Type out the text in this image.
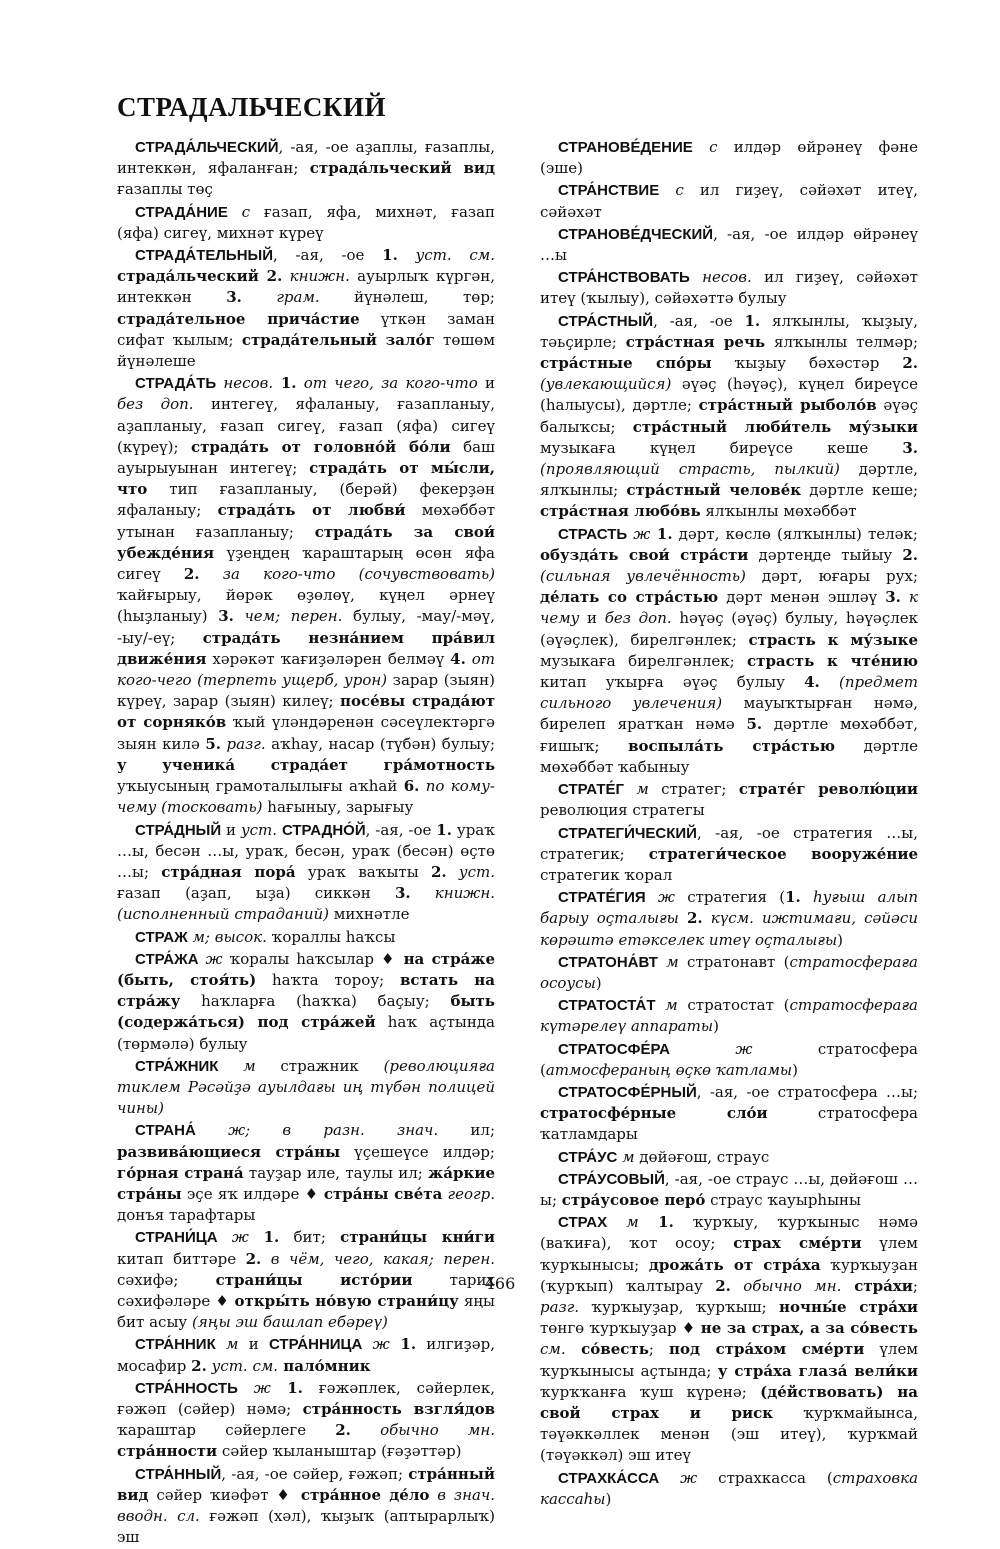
СТРАДАЛЬЧЕСКИЙ

СТРАДА́ЛЬЧЕСКИЙ, -ая, -ое аҙаплы, ғазаплы, интеккән, яфаланған; страда́льческий вид ғазаплы төҫ

СТРАДА́НИЕ с ғазап, яфа, михнәт, ғазап (яфа) сигеү, михнәт күреү

СТРАДА́ТЕЛЬНЫЙ, -ая, -ое 1. уст. см. страда́льческий 2. книжн. ауырлыҡ күргән, интеккән 3. грам. йүнәлеш, төр; страда́тельное прича́стие үткән заман сифат ҡылым; страда́тельный зало́г төшөм йүнәлеше

СТРАДА́ТЬ несов. 1. от чего, за кого-что и без доп. интегеү, яфаланыу, ғазапланыу, аҙапланыу, ғазап сигеү, ғазап (яфа) сигеү (күреү); страда́ть от головно́й бо́ли баш ауырыуынан интегеү; страда́ть от мы́сли, что тип ғазапланыу, (берәй) фекерҙән яфаланыу; страда́ть от любви́ мөхәббәт утынан ғазапланыу; страда́ть за свои́ убежде́ния үҙеңдең ҡараштарың өсөн яфа сигеү 2. за кого-что (сочувствовать) ҡайғырыу, йөрәк өҙөлөү, күңел әрнеү (һыҙланыу) 3. чем; перен. булыу, -мау/-мәү, -ыу/-еү; страда́ть незна́нием пра́вил движе́ния хәрәкәт ҡағиҙәләрен белмәү 4. от кого-чего (терпеть ущерб, урон) зарар (зыян) күреү, зарар (зыян) килеү; посе́вы страда́ют от сорняко́в ҡый үләндәренән сәсеүлектәргә зыян килә 5. разг. аҡһау, насар (түбән) булыу; у ученика́ страда́ет гра́мотность уҡыусының грамоталылығы аҡһай 6. по кому-чему (тосковать) һағыныу, зарығыу

СТРА́ДНЫЙ и уст. СТРАДНО́Й, -ая, -ое 1. ураҡ …ы, бесән …ы, ураҡ, бесән, ураҡ (бесән) өҫтө …ы; стра́дная пора́ ураҡ ваҡыты 2. уст. ғазап (аҙап, ыҙа) сиккән 3. книжн. (исполненный страданий) михнәтле

СТРАЖ м; высок. ҡораллы һаҡсы

СТРА́ЖА ж ҡоралы һаҡсылар ♦ на стра́же (быть, стоя́ть) һаҡта тороу; встать на стра́жу һаҡларға (һаҡҡа) баҫыу; быть (содержа́ться) под стра́жей һаҡ аҫтында (төрмәлә) булыу

СТРА́ЖНИК м стражник (революцияға тиклем Рәсәйҙә ауылдағы иң түбән полицей чины)

СТРАНА́ ж; в разн. знач. ил; развива́ющиеся стра́ны үҫешеүсе илдәр; го́рная страна́ тауҙар иле, таулы ил; жа́ркие стра́ны эҫе яҡ илдәре ♦ стра́ны све́та геогр. донъя тарафтары

СТРАНИ́ЦА ж 1. бит; страни́цы кни́ги китап биттәре 2. в чём, чего, какая; перен. сәхифә; страни́цы исто́рии тарих сәхифәләре ♦ откры́ть но́вую страни́цу яңы бит асыу (яңы эш башлап ебәреү)

СТРА́ННИК м и СТРА́ННИЦА ж 1. илгиҙәр, мосафир 2. уст. см. пало́мник

СТРА́ННОСТЬ ж 1. ғәжәплек, сәйерлек, ғәжәп (сәйер) нәмә; стра́нность взгля́дов ҡараштар сәйерлеге 2. обычно мн. стра́нности сәйер ҡыланыштар (ғәҙәттәр)

СТРА́ННЫЙ, -ая, -ое сәйер, ғәжәп; стра́нный вид сәйер ҡиәфәт ♦ стра́нное де́ло в знач. вводн. сл. ғәжәп (хәл), ҡыҙыҡ (аптырарлыҡ) эш

СТРАНОВЕ́ДЕНИЕ с илдәр өйрәнеү фәне (эше)

СТРА́НСТВИЕ с ил гиҙеү, сәйәхәт итеү, сәйәхәт

СТРАНОВЕ́ДЧЕСКИЙ, -ая, -ое илдәр өйрәнеү …ы

СТРА́НСТВОВАТЬ несов. ил гиҙеү, сәйәхәт итеү (ҡылыу), сәйәхәттә булыу

СТРА́СТНЫЙ, -ая, -ое 1. ялҡынлы, ҡыҙыу, тәьҫирле; стра́стная речь ялҡынлы телмәр; стра́стные спо́ры ҡыҙыу бәхәстәр 2. (увлекающийся) әүәҫ (һәүәҫ), күңел биреүсе (һалыусы), дәртле; стра́стный рыболо́в әүәҫ балыҡсы; стра́стный люби́тель му́зыки музыкаға күңел биреүсе кеше 3. (проявляющий страсть, пылкий) дәртле, ялҡынлы; стра́стный челове́к дәртле кеше; стра́стная любо́вь ялҡынлы мөхәббәт

СТРАСТЬ ж 1. дәрт, көслө (ялҡынлы) теләк; обузда́ть свои́ стра́сти дәртеңде тыйыу 2. (сильная увлечённость) дәрт, юғары рух; де́лать со стра́стью дәрт менән эшләү 3. к чему и без доп. һәүәҫ (әүәҫ) булыу, һәүәҫлек (әүәҫлек), бирелгәнлек; страсть к му́зыке музыкаға бирелгәнлек; страсть к чте́нию китап уҡырға әүәҫ булыу 4. (предмет сильного увлечения) мауыҡтырған нәмә, бирелеп яратҡан нәмә 5. дәртле мөхәббәт, ғишыҡ; воспыла́ть стра́стью дәртле мөхәббәт ҡабыныу

СТРАТЕ́Г м стратег; страте́г револю́ции революция стратегы

СТРАТЕГИ́ЧЕСКИЙ, -ая, -ое стратегия …ы, стратегик; стратеги́ческое вооруже́ние стратегик ҡорал

СТРАТЕ́ГИЯ ж стратегия (1. һуғыш алып барыу оҫталығы 2. күсм. ижтимағи, сәйәси көрәштә етәкселек итеү оҫталығы)

СТРАТОНА́ВТ м стратонавт (стратосфераға осоусы)

СТРАТОСТА́Т м стратостат (стратосфераға күтәрелеү аппараты)

СТРАТОСФЕ́РА ж стратосфера (атмосфераның өҫкө ҡатламы)

СТРАТОСФЕ́РНЫЙ, -ая, -ое стратосфера …ы; стратосфе́рные сло́и стратосфера ҡатламдары

СТРА́УС м дөйәғош, страус

СТРА́УСОВЫЙ, -ая, -ое страус …ы, дөйәғош …ы; стра́усовое перо́ страус ҡауырһыны

СТРАХ м 1. ҡурҡыу, ҡурҡыныс нәмә (ваҡиға), ҡот осоу; страх сме́рти үлем ҡурҡынысы; дрожа́ть от стра́ха ҡурҡыуҙан (ҡурҡып) ҡалтырау 2. обычно мн. стра́хи; разг. ҡурҡыуҙар, ҡурҡыш; ночны́е стра́хи төнгө ҡурҡыуҙар ♦ не за страх, а за со́весть см. со́весть; под стра́хом сме́рти үлем ҡурҡынысы аҫтында; у стра́ха глаза́ вели́ки ҡурҡҡанға ҡуш күренә; (де́йствовать) на свой страх и риск ҡурҡмайынса, тәүәккәллек менән (эш итеү), ҡурҡмай (тәүәккәл) эш итеү

СТРАХКА́ССА ж страхкасса (страховка кассаһы)

466
